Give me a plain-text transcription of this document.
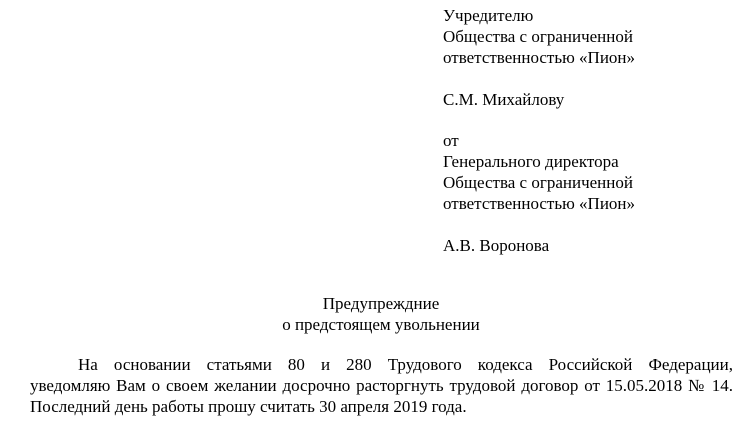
Учредителю
Общества с ограниченной
ответственностью «Пион»
С.М. Михайлову
от
Генерального директора
Общества с ограниченной
ответственностью «Пион»
А.В. Воронова
Предупреждние
о предстоящем увольнении
На основании статьями 80 и 280 Трудового кодекса Российской Федерации,
уведомляю Вам о своем желании досрочно расторгнуть трудовой договор от 15.05.2018 № 14.
Последний день работы прошу считать 30 апреля 2019 года.
